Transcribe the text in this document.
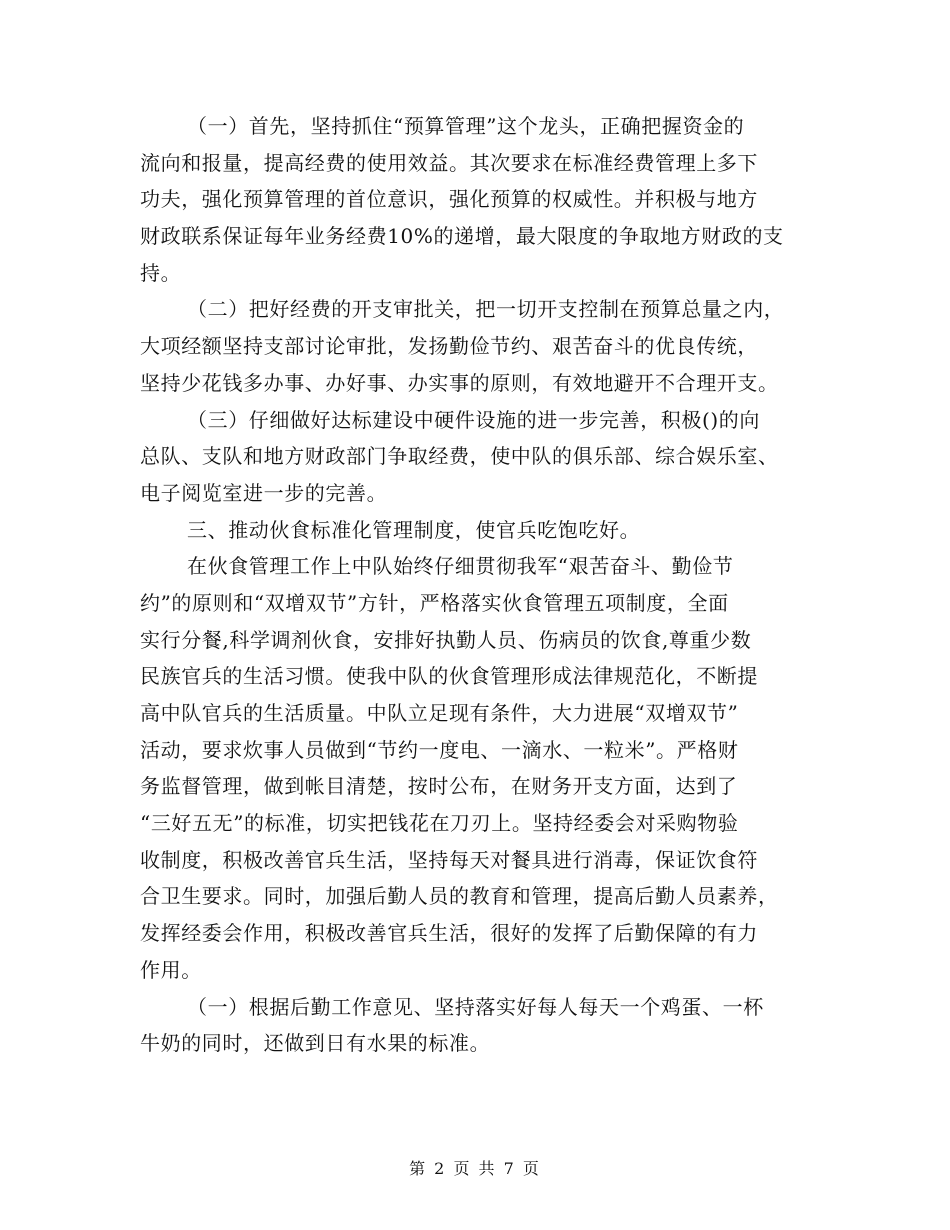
（一）首先，坚持抓住“预算管理”这个龙头，正确把握资金的
流向和报量，提高经费的使用效益。其次要求在标准经费管理上多下
功夫，强化预算管理的首位意识，强化预算的权威性。并积极与地方
财政联系保证每年业务经费10%的递增，最大限度的争取地方财政的支
持。
（二）把好经费的开支审批关，把一切开支控制在预算总量之内，
大项经额坚持支部讨论审批，发扬勤俭节约、艰苦奋斗的优良传统，
坚持少花钱多办事、办好事、办实事的原则，有效地避开不合理开支。
（三）仔细做好达标建设中硬件设施的进一步完善，积极()的向
总队、支队和地方财政部门争取经费，使中队的俱乐部、综合娱乐室、
电子阅览室进一步的完善。
三、推动伙食标准化管理制度，使官兵吃饱吃好。
在伙食管理工作上中队始终仔细贯彻我军“艰苦奋斗、勤俭节
约”的原则和“双增双节”方针，严格落实伙食管理五项制度，全面
实行分餐,科学调剂伙食，安排好执勤人员、伤病员的饮食,尊重少数
民族官兵的生活习惯。使我中队的伙食管理形成法律规范化，不断提
高中队官兵的生活质量。中队立足现有条件，大力进展“双增双节”
活动，要求炊事人员做到“节约一度电、一滴水、一粒米”。严格财
务监督管理，做到帐目清楚，按时公布，在财务开支方面，达到了
“三好五无”的标准，切实把钱花在刀刃上。坚持经委会对采购物验
收制度，积极改善官兵生活，坚持每天对餐具进行消毒，保证饮食符
合卫生要求。同时，加强后勤人员的教育和管理，提高后勤人员素养，
发挥经委会作用，积极改善官兵生活，很好的发挥了后勤保障的有力
作用。
（一）根据后勤工作意见、坚持落实好每人每天一个鸡蛋、一杯
牛奶的同时，还做到日有水果的标准。
第 2 页 共 7 页
